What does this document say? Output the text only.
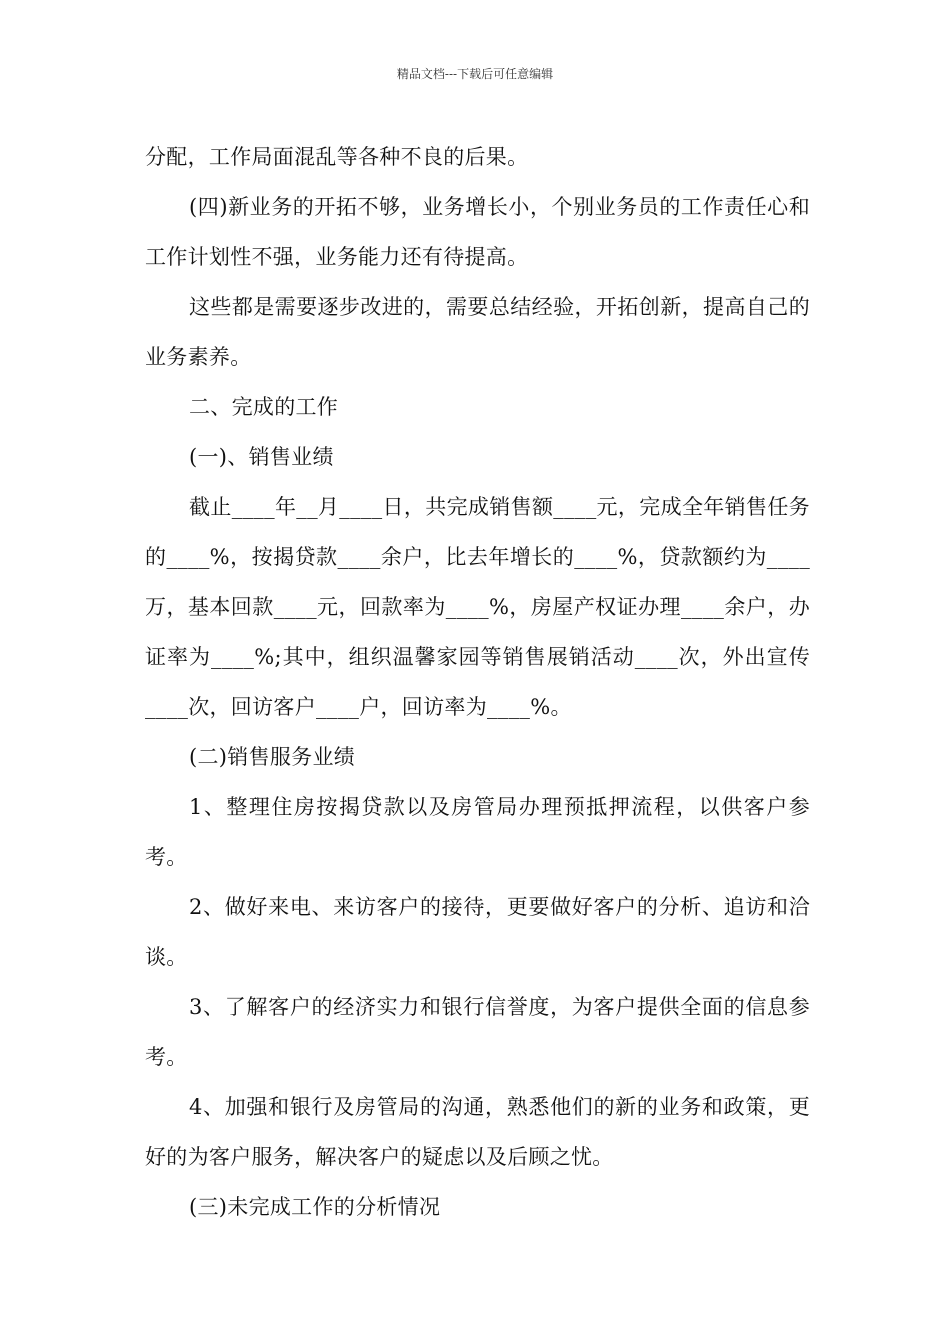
精品文档---下载后可任意编辑

分配，工作局面混乱等各种不良的后果。

(四)新业务的开拓不够，业务增长小，个别业务员的工作责任心和工作计划性不强，业务能力还有待提高。

这些都是需要逐步改进的，需要总结经验，开拓创新，提高自己的业务素养。

二、完成的工作

(一)、销售业绩

截止____年__月____日，共完成销售额____元，完成全年销售任务的____%，按揭贷款____余户，比去年增长的____%，贷款额约为____万，基本回款____元，回款率为____%，房屋产权证办理____余户，办证率为____%;其中，组织温馨家园等销售展销活动____次，外出宣传____次，回访客户____户，回访率为____%。

(二)销售服务业绩

1、整理住房按揭贷款以及房管局办理预抵押流程，以供客户参考。

2、做好来电、来访客户的接待，更要做好客户的分析、追访和洽谈。

3、了解客户的经济实力和银行信誉度，为客户提供全面的信息参考。

4、加强和银行及房管局的沟通，熟悉他们的新的业务和政策，更好的为客户服务，解决客户的疑虑以及后顾之忧。

(三)未完成工作的分析情况
